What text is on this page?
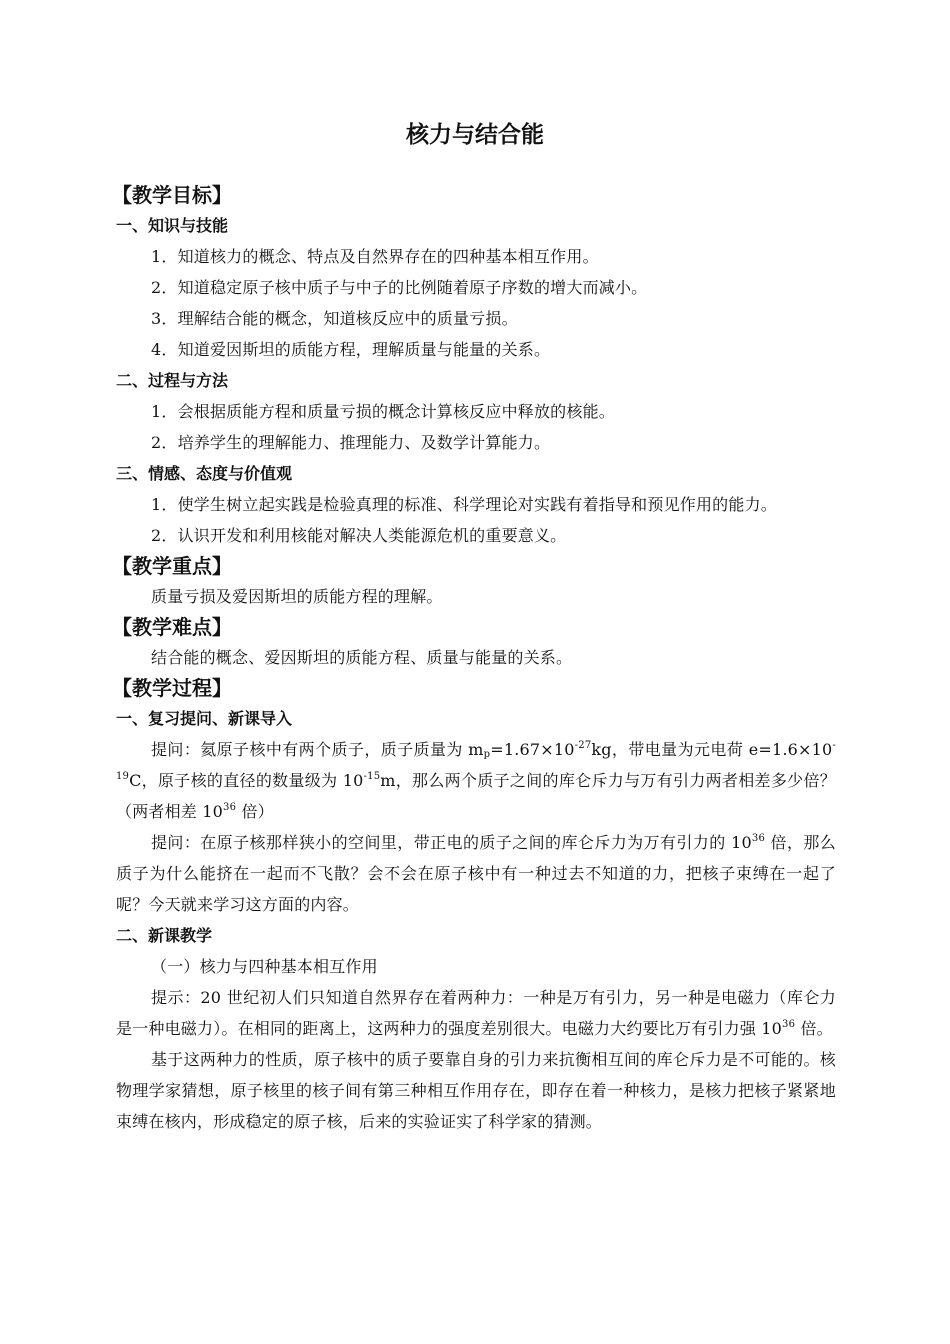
核力与结合能
【教学目标】
一、知识与技能

1．知道核力的概念、特点及自然界存在的四种基本相互作用。

2．知道稳定原子核中质子与中子的比例随着原子序数的增大而减小。

3．理解结合能的概念，知道核反应中的质量亏损。

4．知道爱因斯坦的质能方程，理解质量与能量的关系。

二、过程与方法

1．会根据质能方程和质量亏损的概念计算核反应中释放的核能。

2．培养学生的理解能力、推理能力、及数学计算能力。

三、情感、态度与价值观

1．使学生树立起实践是检验真理的标准、科学理论对实践有着指导和预见作用的能力。

2．认识开发和利用核能对解决人类能源危机的重要意义。

【教学重点】

质量亏损及爱因斯坦的质能方程的理解。

【教学难点】

结合能的概念、爱因斯坦的质能方程、质量与能量的关系。

【教学过程】
一、复习提问、新课导入

提问：氦原子核中有两个质子，质子质量为 $m_p=1.67\times 10^{-27}kg$，带电量为元电荷 $e=1.6\times 10^{-19}C$，原子核的直径的数量级为 $10^{-15}m$，那么两个质子之间的库仑斥力与万有引力两者相差多少倍？（两者相差 $10^{36}$ 倍）

提问：在原子核那样狭小的空间里，带正电的质子之间的库仑斥力为万有引力的 $10^{36}$ 倍，那么质子为什么能挤在一起而不飞散？会不会在原子核中有一种过去不知道的力，把核子束缚在一起了呢？今天就来学习这方面的内容。

二、新课教学

（一）核力与四种基本相互作用

提示：20 世纪初人们只知道自然界存在着两种力：一种是万有引力，另一种是电磁力（库仑力是一种电磁力）。在相同的距离上，这两种力的强度差别很大。电磁力大约要比万有引力强 $10^{36}$ 倍。

基于这两种力的性质，原子核中的质子要靠自身的引力来抗衡相互间的库仑斥力是不可能的。核物理学家猜想，原子核里的核子间有第三种相互作用存在，即存在着一种核力，是核力把核子紧紧地束缚在核内，形成稳定的原子核，后来的实验证实了科学家的猜测。
